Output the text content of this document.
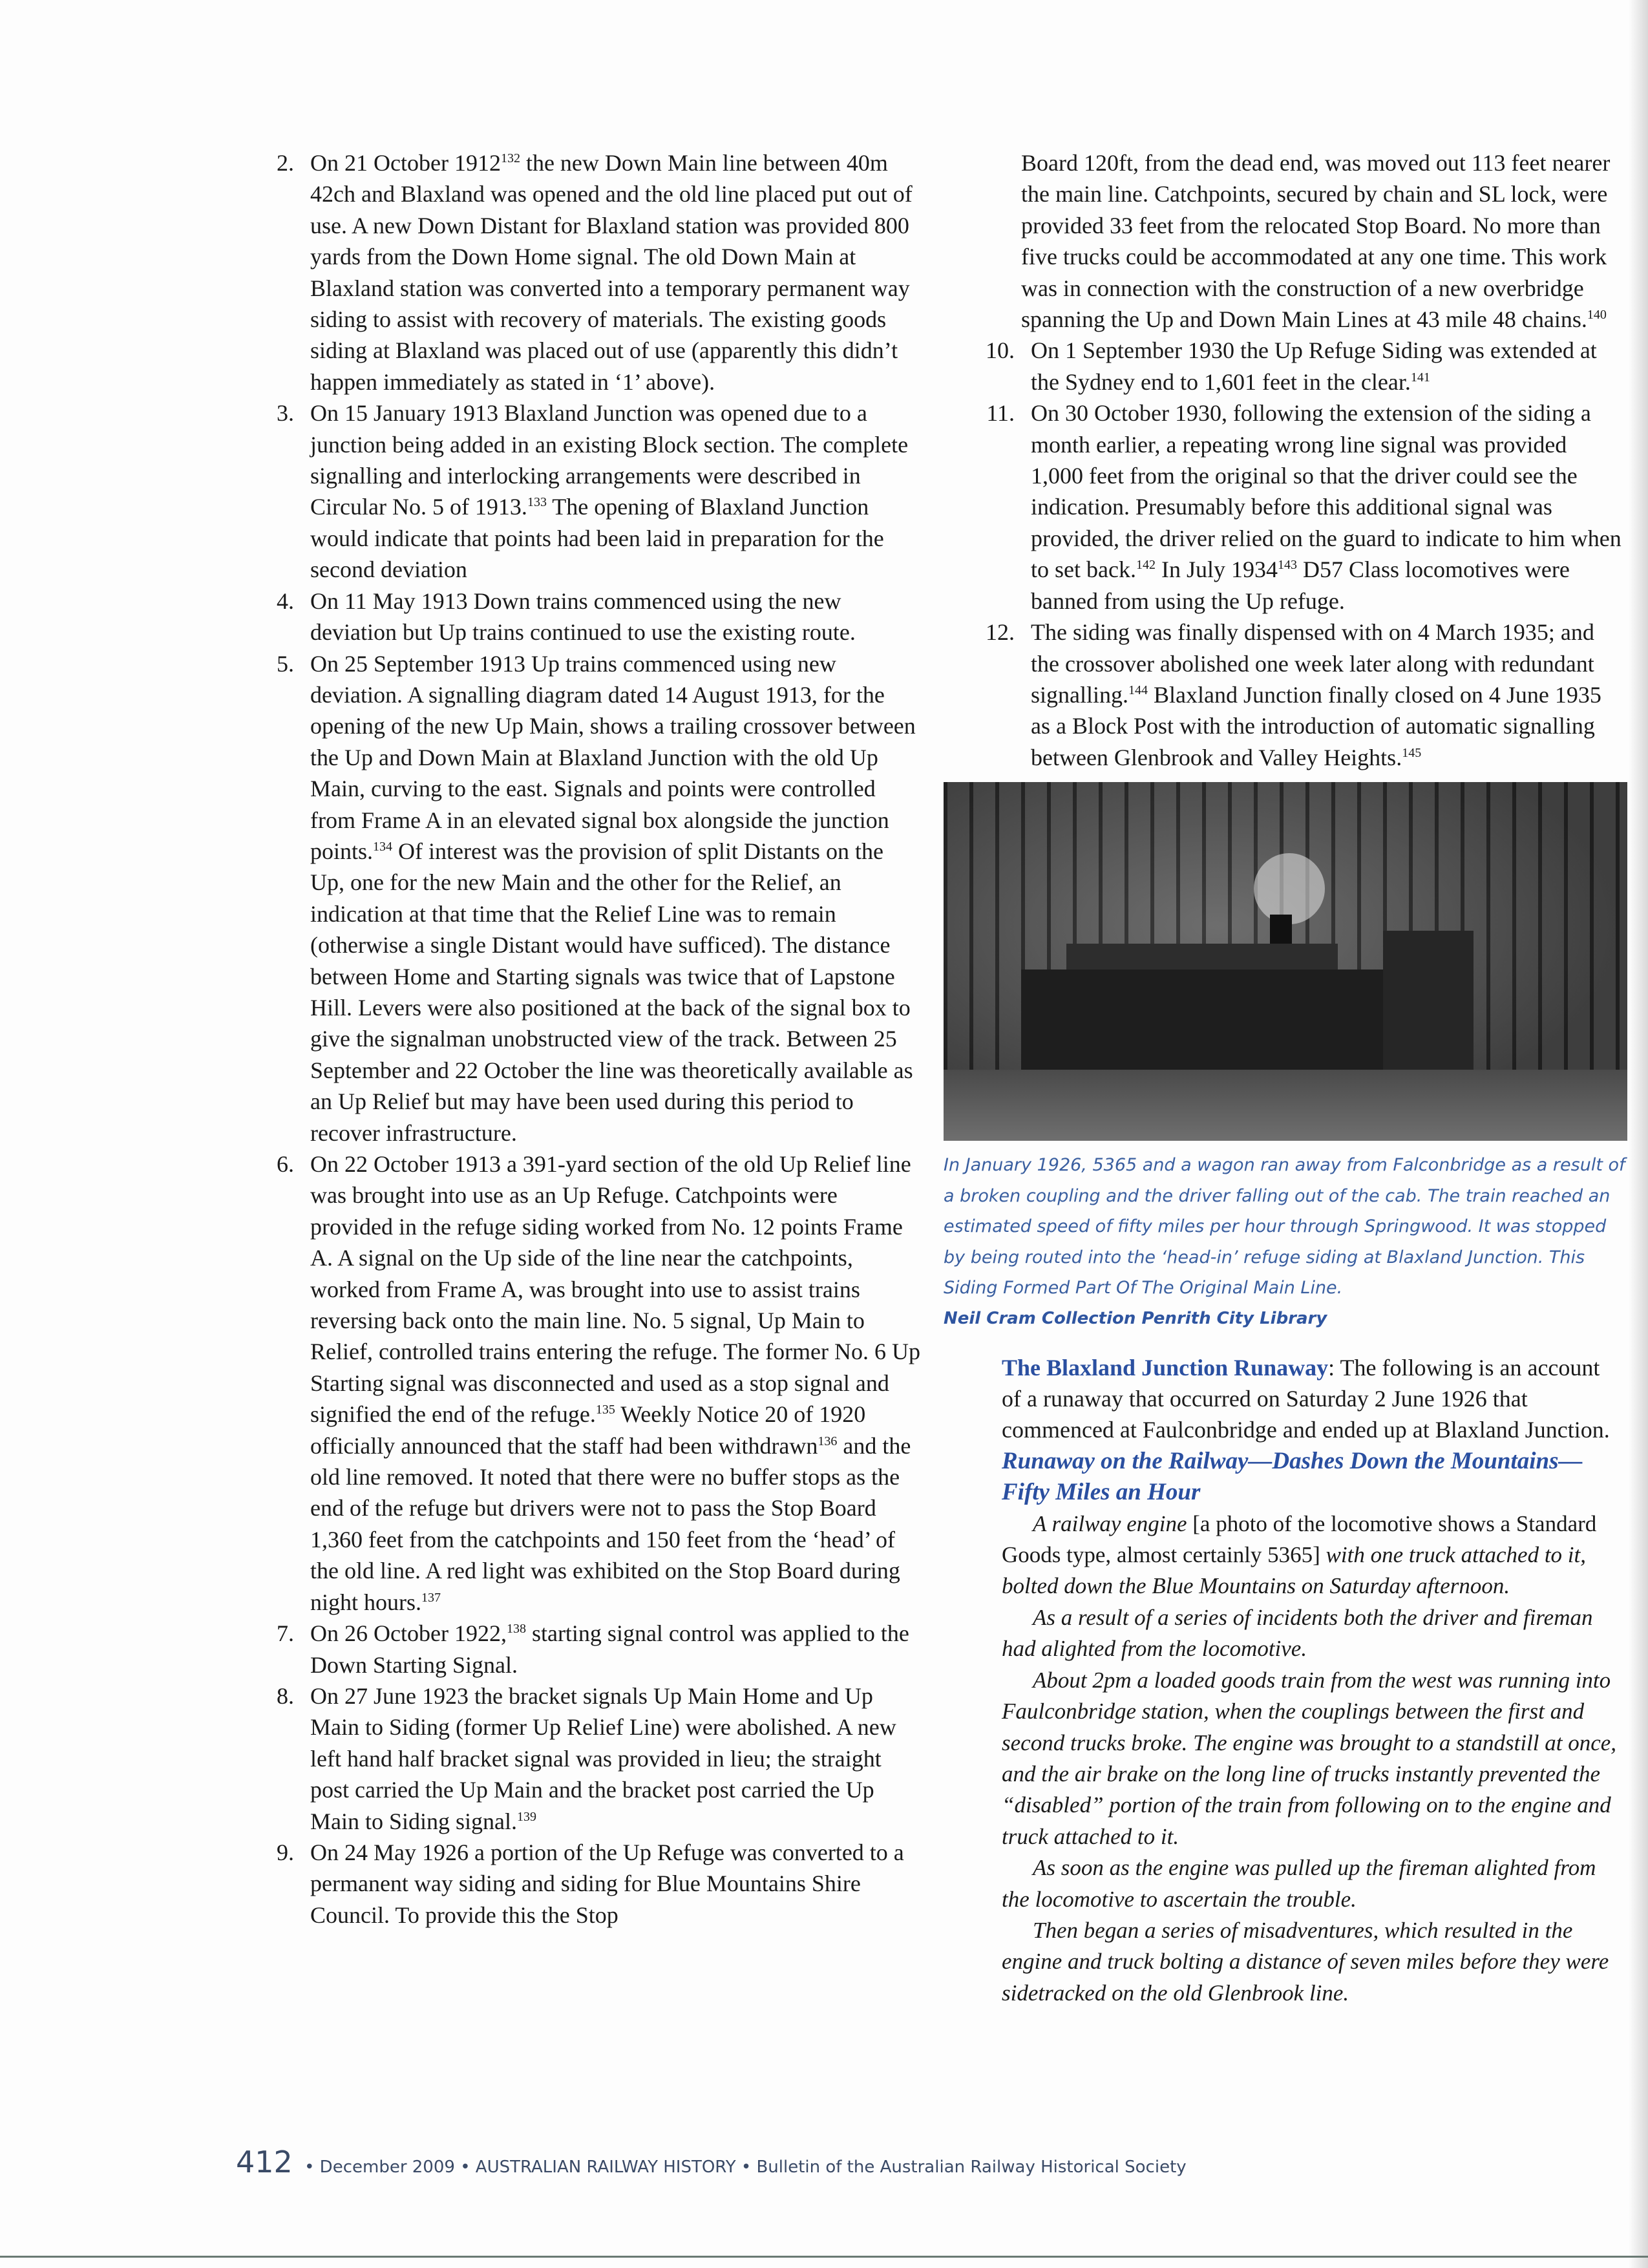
2. On 21 October 1912$^{132}$ the new Down Main line between 40m 42ch and Blaxland was opened and the old line placed put out of use. A new Down Distant for Blaxland station was provided 800 yards from the Down Home signal. The old Down Main at Blaxland station was converted into a temporary permanent way siding to assist with recovery of materials. The existing goods siding at Blaxland was placed out of use (apparently this didn’t happen immediately as stated in ‘1’ above).
3. On 15 January 1913 Blaxland Junction was opened due to a junction being added in an existing Block section. The complete signalling and interlocking arrangements were described in Circular No. 5 of 1913.$^{133}$ The opening of Blaxland Junction would indicate that points had been laid in preparation for the second deviation
4. On 11 May 1913 Down trains commenced using the new deviation but Up trains continued to use the existing route.
5. On 25 September 1913 Up trains commenced using new deviation. A signalling diagram dated 14 August 1913, for the opening of the new Up Main, shows a trailing crossover between the Up and Down Main at Blaxland Junction with the old Up Main, curving to the east. Signals and points were controlled from Frame A in an elevated signal box alongside the junction points.$^{134}$ Of interest was the provision of split Distants on the Up, one for the new Main and the other for the Relief, an indication at that time that the Relief Line was to remain (otherwise a single Distant would have sufficed). The distance between Home and Starting signals was twice that of Lapstone Hill. Levers were also positioned at the back of the signal box to give the signalman unobstructed view of the track. Between 25 September and 22 October the line was theoretically available as an Up Relief but may have been used during this period to recover infrastructure.
6. On 22 October 1913 a 391-yard section of the old Up Relief line was brought into use as an Up Refuge. Catchpoints were provided in the refuge siding worked from No. 12 points Frame A. A signal on the Up side of the line near the catchpoints, worked from Frame A, was brought into use to assist trains reversing back onto the main line. No. 5 signal, Up Main to Relief, controlled trains entering the refuge. The former No. 6 Up Starting signal was disconnected and used as a stop signal and signified the end of the refuge.$^{135}$ Weekly Notice 20 of 1920 officially announced that the staff had been withdrawn$^{136}$ and the old line removed. It noted that there were no buffer stops as the end of the refuge but drivers were not to pass the Stop Board 1,360 feet from the catchpoints and 150 feet from the ‘head’ of the old line. A red light was exhibited on the Stop Board during night hours.$^{137}$
7. On 26 October 1922,$^{138}$ starting signal control was applied to the Down Starting Signal.
8. On 27 June 1923 the bracket signals Up Main Home and Up Main to Siding (former Up Relief Line) were abolished. A new left hand half bracket signal was provided in lieu; the straight post carried the Up Main and the bracket post carried the Up Main to Siding signal.$^{139}$
9. On 24 May 1926 a portion of the Up Refuge was converted to a permanent way siding and siding for Blue Mountains Shire Council. To provide this the Stop
Board 120ft, from the dead end, was moved out 113 feet nearer the main line. Catchpoints, secured by chain and SL lock, were provided 33 feet from the relocated Stop Board. No more than five trucks could be accommodated at any one time. This work was in connection with the construction of a new overbridge spanning the Up and Down Main Lines at 43 mile 48 chains.$^{140}$
10. On 1 September 1930 the Up Refuge Siding was extended at the Sydney end to 1,601 feet in the clear.$^{141}$
11. On 30 October 1930, following the extension of the siding a month earlier, a repeating wrong line signal was provided 1,000 feet from the original so that the driver could see the indication. Presumably before this additional signal was provided, the driver relied on the guard to indicate to him when to set back.$^{142}$ In July 1934$^{143}$ D57 Class locomotives were banned from using the Up refuge.
12. The siding was finally dispensed with on 4 March 1935; and the crossover abolished one week later along with redundant signalling.$^{144}$ Blaxland Junction finally closed on 4 June 1935 as a Block Post with the introduction of automatic signalling between Glenbrook and Valley Heights.$^{145}$
In January 1926, 5365 and a wagon ran away from Falconbridge as a result of a broken coupling and the driver falling out of the cab. The train reached an estimated speed of fifty miles per hour through Springwood. It was stopped by being routed into the ‘head-in’ refuge siding at Blaxland Junction. This Siding Formed Part Of The Original Main Line.
Neil Cram Collection Penrith City Library
The Blaxland Junction Runaway: The following is an account of a runaway that occurred on Saturday 2 June 1926 that commenced at Faulconbridge and ended up at Blaxland Junction.
Runaway on the Railway—Dashes Down the Mountains—Fifty Miles an Hour
A railway engine [a photo of the locomotive shows a Standard Goods type, almost certainly 5365] with one truck attached to it, bolted down the Blue Mountains on Saturday afternoon.
As a result of a series of incidents both the driver and fireman had alighted from the locomotive.
About 2pm a loaded goods train from the west was running into Faulconbridge station, when the couplings between the first and second trucks broke. The engine was brought to a standstill at once, and the air brake on the long line of trucks instantly prevented the “disabled” portion of the train from following on to the engine and truck attached to it.
As soon as the engine was pulled up the fireman alighted from the locomotive to ascertain the trouble.
Then began a series of misadventures, which resulted in the engine and truck bolting a distance of seven miles before they were sidetracked on the old Glenbrook line.
412 • December 2009 • AUSTRALIAN RAILWAY HISTORY • Bulletin of the Australian Railway Historical Society
